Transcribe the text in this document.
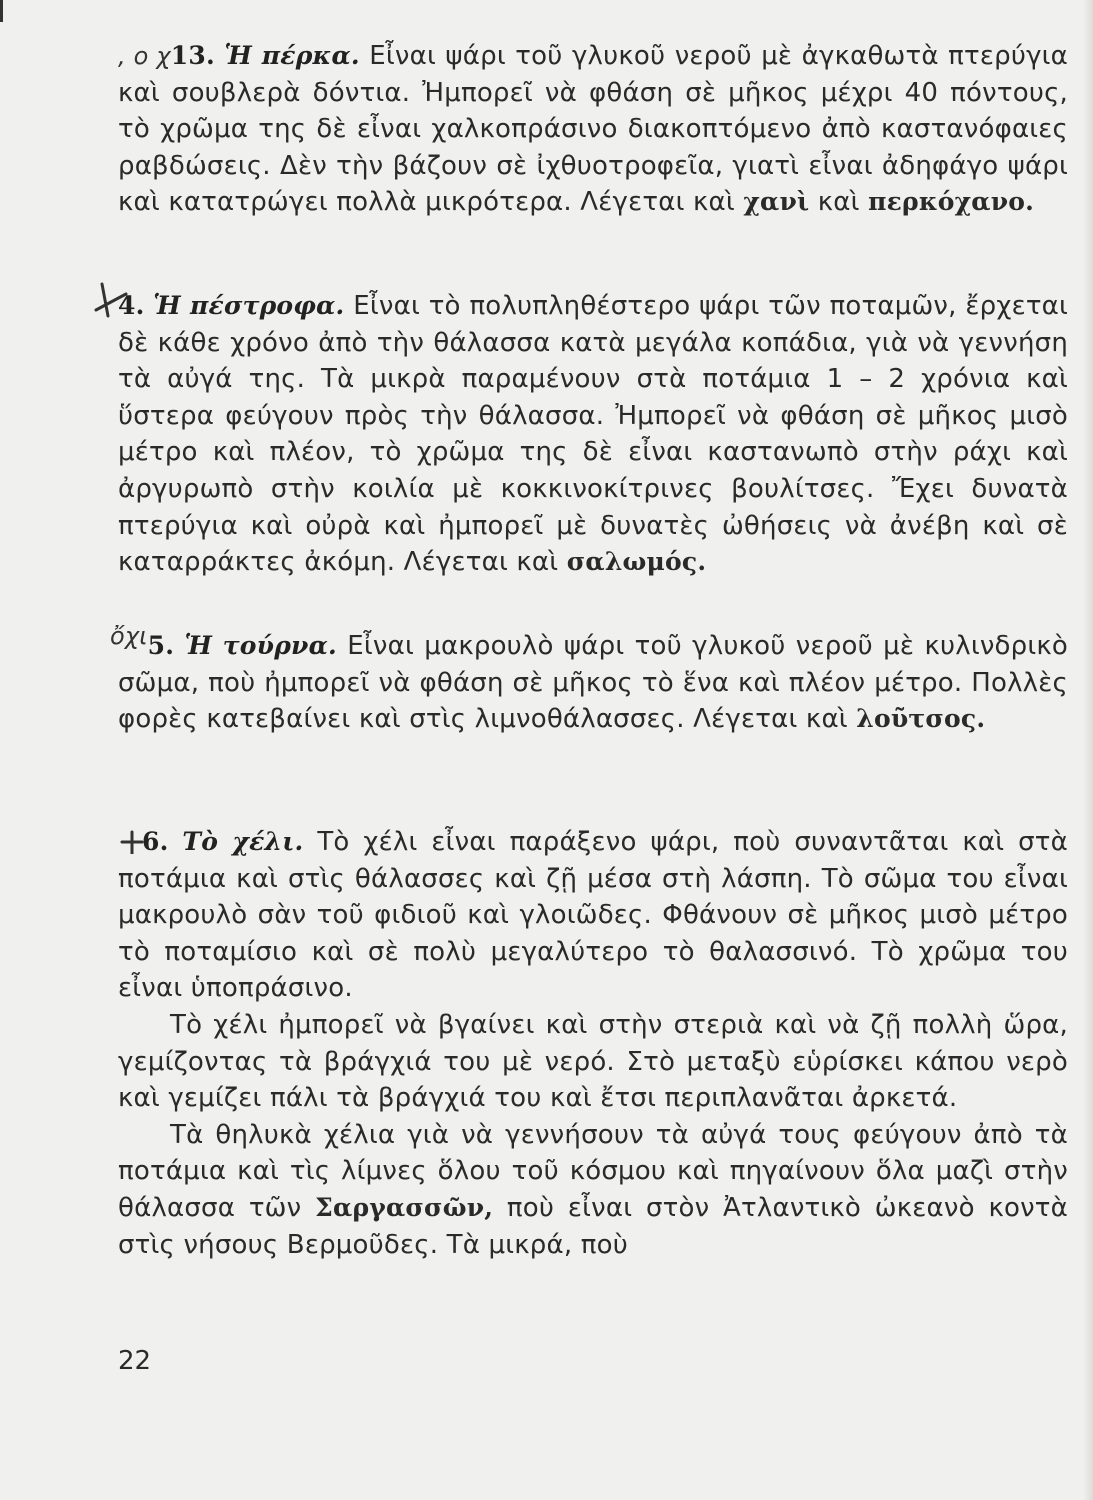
, ο χ13. Ἡ πέρκα. Εἶναι ψάρι τοῦ γλυκοῦ νεροῦ μὲ ἀγκαθωτὰ πτερύγια καὶ σουβλερὰ δόντια. Ἠμπορεῖ νὰ φθάση σὲ μῆκος μέχρι 40 πόντους, τὸ χρῶμα της δὲ εἶναι χαλκοπράσινο διακοπτόμενο ἀπὸ καστανόφαιες ραβδώσεις. Δὲν τὴν βάζουν σὲ ἰχθυοτροφεῖα, γιατὶ εἶναι ἀδηφάγο ψάρι καὶ κατατρώγει πολλὰ μικρότερα. Λέγεται καὶ χανὶ καὶ περκόχανο.

4. Ἡ πέστροφα. Εἶναι τὸ πολυπληθέστερο ψάρι τῶν ποταμῶν, ἔρχεται δὲ κάθε χρόνο ἀπὸ τὴν θάλασσα κατὰ μεγάλα κοπάδια, γιὰ νὰ γεννήση τὰ αὐγά της. Τὰ μικρὰ παραμένουν στὰ ποτάμια 1 – 2 χρόνια καὶ ὕστερα φεύγουν πρὸς τὴν θάλασσα. Ἠμπορεῖ νὰ φθάση σὲ μῆκος μισὸ μέτρο καὶ πλέον, τὸ χρῶμα της δὲ εἶναι καστανωπὸ στὴν ράχι καὶ ἀργυρωπὸ στὴν κοιλία μὲ κοκκινοκίτρινες βουλίτσες. Ἔχει δυνατὰ πτερύγια καὶ οὐρὰ καὶ ἠμπορεῖ μὲ δυνατὲς ὠθήσεις νὰ ἀνέβη καὶ σὲ καταρράκτες ἀκόμη. Λέγεται καὶ σαλωμός.

ὄχι5. Ἡ τούρνα. Εἶναι μακρουλὸ ψάρι τοῦ γλυκοῦ νεροῦ μὲ κυλινδρικὸ σῶμα, ποὺ ἠμπορεῖ νὰ φθάση σὲ μῆκος τὸ ἕνα καὶ πλέον μέτρο. Πολλὲς φορὲς κατεβαίνει καὶ στὶς λιμνοθάλασσες. Λέγεται καὶ λοῦτσος.

6. Τὸ χέλι. Τὸ χέλι εἶναι παράξενο ψάρι, ποὺ συναντᾶται καὶ στὰ ποτάμια καὶ στὶς θάλασσες καὶ ζῇ μέσα στὴ λάσπη. Τὸ σῶμα του εἶναι μακρουλὸ σὰν τοῦ φιδιοῦ καὶ γλοιῶδες. Φθάνουν σὲ μῆκος μισὸ μέτρο τὸ ποταμίσιο καὶ σὲ πολὺ μεγαλύτερο τὸ θαλασσινό. Τὸ χρῶμα του εἶναι ὑποπράσινο.

Τὸ χέλι ἠμπορεῖ νὰ βγαίνει καὶ στὴν στεριὰ καὶ νὰ ζῇ πολλὴ ὥρα, γεμίζοντας τὰ βράγχιά του μὲ νερό. Στὸ μεταξὺ εὑρίσκει κάπου νερὸ καὶ γεμίζει πάλι τὰ βράγχιά του καὶ ἔτσι περιπλανᾶται ἀρκετά.

Τὰ θηλυκὰ χέλια γιὰ νὰ γεννήσουν τὰ αὐγά τους φεύγουν ἀπὸ τὰ ποτάμια καὶ τὶς λίμνες ὅλου τοῦ κόσμου καὶ πηγαίνουν ὅλα μαζὶ στὴν θάλασσα τῶν Σαργασσῶν, ποὺ εἶναι στὸν Ἀτλαντικὸ ὠκεανὸ κοντὰ στὶς νήσους Βερμοῦδες. Τὰ μικρά, ποὺ

22
